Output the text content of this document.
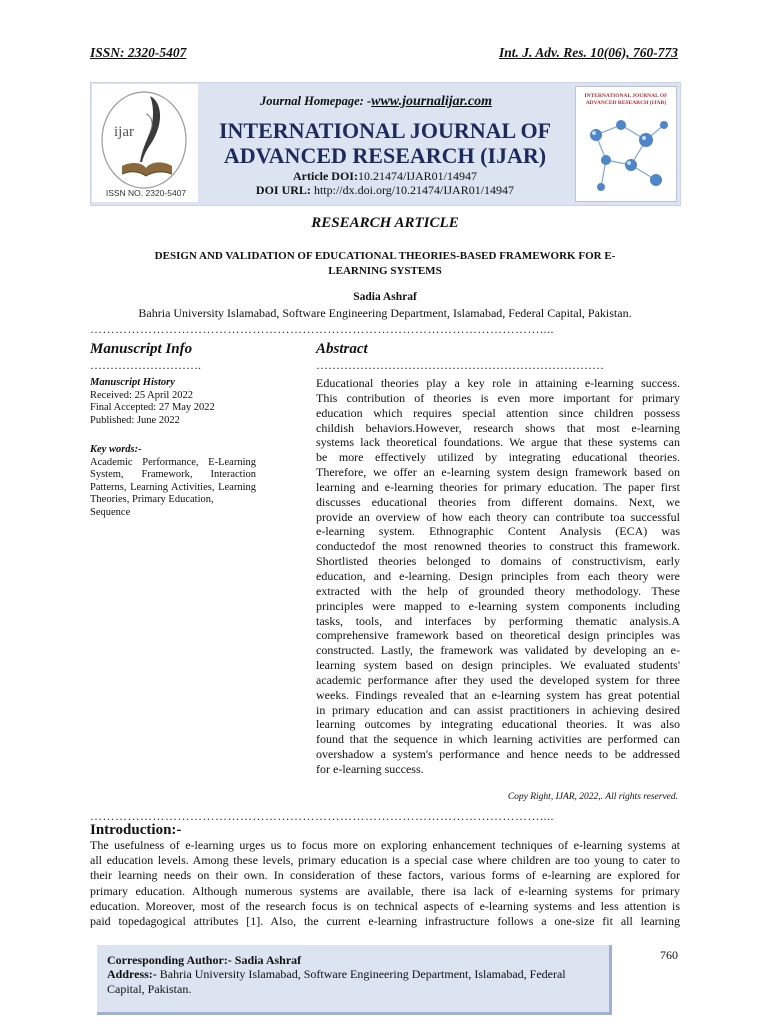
ISSN: 2320-5407	Int. J. Adv. Res. 10(06), 760-773
ijar
ISSN NO. 2320-5407
Journal Homepage: -www.journalijar.com
INTERNATIONAL JOURNAL OF
ADVANCED RESEARCH (IJAR)
Article DOI:10.21474/IJAR01/14947
DOI URL: http://dx.doi.org/10.21474/IJAR01/14947
INTERNATIONAL JOURNAL OF
ADVANCED RESEARCH (IJAR)
RESEARCH ARTICLE
DESIGN AND VALIDATION OF EDUCATIONAL THEORIES-BASED FRAMEWORK FOR E-
LEARNING SYSTEMS
Sadia Ashraf
Bahria University Islamabad, Software Engineering Department, Islamabad, Federal Capital, Pakistan.
………………………………………………………………………………………………....
Manuscript Info
……………………….
Manuscript History
Received: 25 April 2022
Final Accepted: 27 May 2022
Published: June 2022
Key words:-
Academic Performance, E-Learning
System, Framework, Interaction
Patterns, Learning Activities, Learning
Theories, Primary Education, Sequence
Abstract
………………………………………………………………
Educational theories play a key role in attaining e-learning success.
This contribution of theories is even more important for primary
education which requires special attention since children possess
childish behaviors.However, research shows that most e-learning
systems lack theoretical foundations. We argue that these systems can
be more effectively utilized by integrating educational theories.
Therefore, we offer an e-learning system design framework based on
learning and e-learning theories for primary education. The paper first
discusses educational theories from different domains. Next, we
provide an overview of how each theory can contribute toa successful
e-learning system. Ethnographic Content Analysis (ECA) was
conductedof the most renowned theories to construct this framework.
Shortlisted theories belonged to domains of constructivism, early
education, and e-learning. Design principles from each theory were
extracted with the help of grounded theory methodology. These
principles were mapped to e-learning system components including
tasks, tools, and interfaces by performing thematic analysis.A
comprehensive framework based on theoretical design principles was
constructed. Lastly, the framework was validated by developing an e-
learning system based on design principles. We evaluated students'
academic performance after they used the developed system for three
weeks. Findings revealed that an e-learning system has great potential
in primary education and can assist practitioners in achieving desired
learning outcomes by integrating educational theories. It was also
found that the sequence in which learning activities are performed can
overshadow a system's performance and hence needs to be addressed
for e-learning success.
Copy Right, IJAR, 2022,. All rights reserved.
………………………………………………………………………………………………....
Introduction:-
The usefulness of e-learning urges us to focus more on exploring enhancement techniques of e-learning systems at
all education levels. Among these levels, primary education is a special case where children are too young to cater to
their learning needs on their own. In consideration of these factors, various forms of e-learning are explored for
primary education. Although numerous systems are available, there isa lack of e-learning systems for primary
education. Moreover, most of the research focus is on technical aspects of e-learning systems and less attention is
paid topedagogical attributes [1]. Also, the current e-learning infrastructure follows a one-size fit all learning
Corresponding Author:- Sadia Ashraf
Address:- Bahria University Islamabad, Software Engineering Department, Islamabad, Federal
Capital, Pakistan.
760
